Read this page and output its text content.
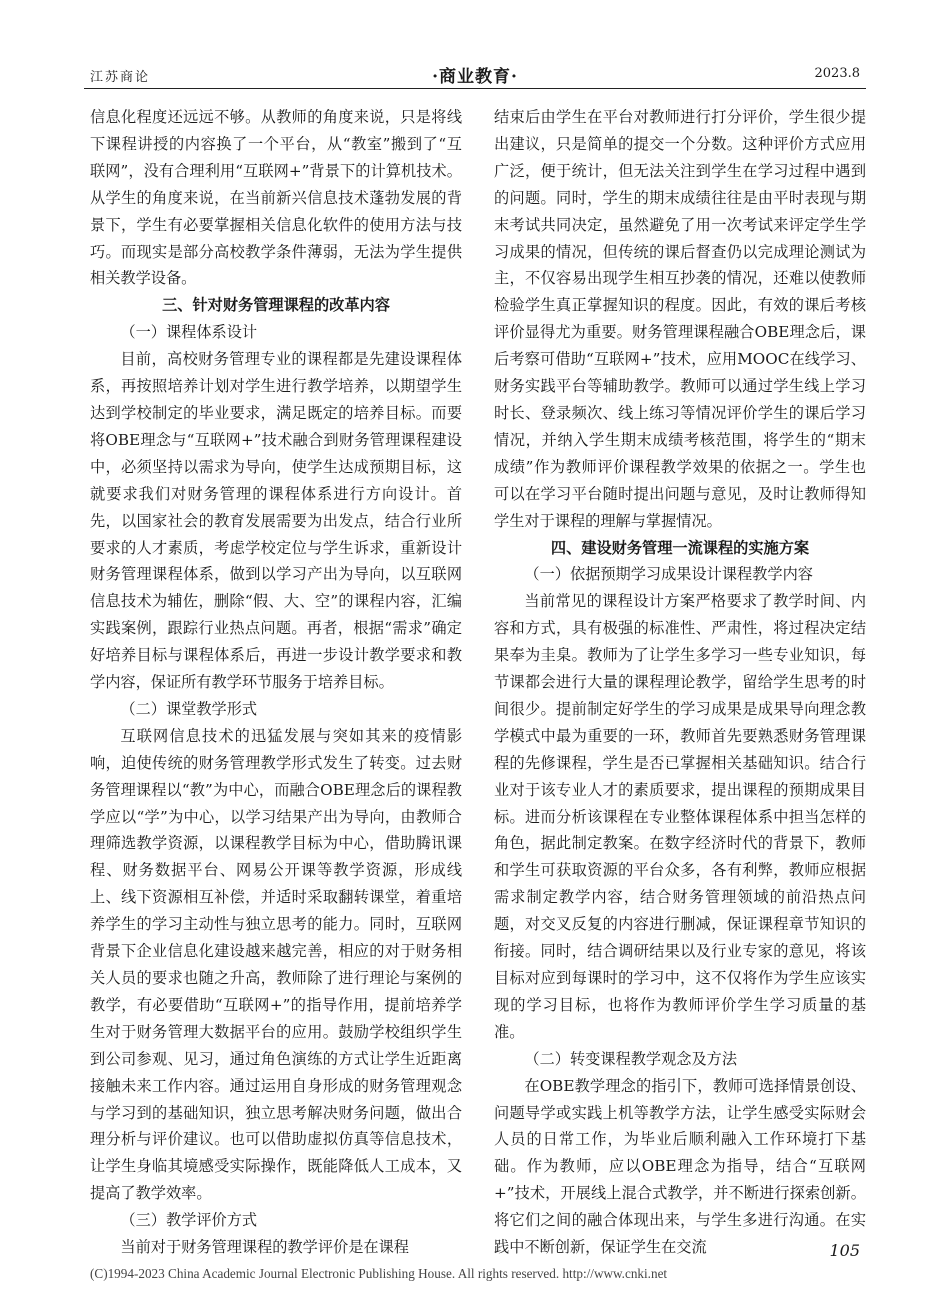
江苏商论	·商业教育·	2023.8

信息化程度还远远不够。从教师的角度来说，只是将线下课程讲授的内容换了一个平台，从“教室”搬到了“互联网”，没有合理利用“互联网+”背景下的计算机技术。从学生的角度来说，在当前新兴信息技术蓬勃发展的背景下，学生有必要掌握相关信息化软件的使用方法与技巧。而现实是部分高校教学条件薄弱，无法为学生提供相关教学设备。

三、针对财务管理课程的改革内容

（一）课程体系设计

目前，高校财务管理专业的课程都是先建设课程体系，再按照培养计划对学生进行教学培养，以期望学生达到学校制定的毕业要求，满足既定的培养目标。而要将OBE理念与“互联网+”技术融合到财务管理课程建设中，必须坚持以需求为导向，使学生达成预期目标，这就要求我们对财务管理的课程体系进行方向设计。首先，以国家社会的教育发展需要为出发点，结合行业所要求的人才素质，考虑学校定位与学生诉求，重新设计财务管理课程体系，做到以学习产出为导向，以互联网信息技术为辅佐，删除“假、大、空”的课程内容，汇编实践案例，跟踪行业热点问题。再者，根据“需求”确定好培养目标与课程体系后，再进一步设计教学要求和教学内容，保证所有教学环节服务于培养目标。

（二）课堂教学形式

互联网信息技术的迅猛发展与突如其来的疫情影响，迫使传统的财务管理教学形式发生了转变。过去财务管理课程以“教”为中心，而融合OBE理念后的课程教学应以“学”为中心，以学习结果产出为导向，由教师合理筛选教学资源，以课程教学目标为中心，借助腾讯课程、财务数据平台、网易公开课等教学资源，形成线上、线下资源相互补偿，并适时采取翻转课堂，着重培养学生的学习主动性与独立思考的能力。同时，互联网背景下企业信息化建设越来越完善，相应的对于财务相关人员的要求也随之升高，教师除了进行理论与案例的教学，有必要借助“互联网+”的指导作用，提前培养学生对于财务管理大数据平台的应用。鼓励学校组织学生到公司参观、见习，通过角色演练的方式让学生近距离接触未来工作内容。通过运用自身形成的财务管理观念与学习到的基础知识，独立思考解决财务问题，做出合理分析与评价建议。也可以借助虚拟仿真等信息技术，让学生身临其境感受实际操作，既能降低人工成本，又提高了教学效率。

（三）教学评价方式

当前对于财务管理课程的教学评价是在课程

结束后由学生在平台对教师进行打分评价，学生很少提出建议，只是简单的提交一个分数。这种评价方式应用广泛，便于统计，但无法关注到学生在学习过程中遇到的问题。同时，学生的期末成绩往往是由平时表现与期末考试共同决定，虽然避免了用一次考试来评定学生学习成果的情况，但传统的课后督查仍以完成理论测试为主，不仅容易出现学生相互抄袭的情况，还难以使教师检验学生真正掌握知识的程度。因此，有效的课后考核评价显得尤为重要。财务管理课程融合OBE理念后，课后考察可借助“互联网+”技术，应用MOOC在线学习、财务实践平台等辅助教学。教师可以通过学生线上学习时长、登录频次、线上练习等情况评价学生的课后学习情况，并纳入学生期末成绩考核范围，将学生的“期末成绩”作为教师评价课程教学效果的依据之一。学生也可以在学习平台随时提出问题与意见，及时让教师得知学生对于课程的理解与掌握情况。

四、建设财务管理一流课程的实施方案

（一）依据预期学习成果设计课程教学内容

当前常见的课程设计方案严格要求了教学时间、内容和方式，具有极强的标准性、严肃性，将过程决定结果奉为圭臬。教师为了让学生多学习一些专业知识，每节课都会进行大量的课程理论教学，留给学生思考的时间很少。提前制定好学生的学习成果是成果导向理念教学模式中最为重要的一环，教师首先要熟悉财务管理课程的先修课程，学生是否已掌握相关基础知识。结合行业对于该专业人才的素质要求，提出课程的预期成果目标。进而分析该课程在专业整体课程体系中担当怎样的角色，据此制定教案。在数字经济时代的背景下，教师和学生可获取资源的平台众多，各有利弊，教师应根据需求制定教学内容，结合财务管理领域的前沿热点问题，对交叉反复的内容进行删减，保证课程章节知识的衔接。同时，结合调研结果以及行业专家的意见，将该目标对应到每课时的学习中，这不仅将作为学生应该实现的学习目标，也将作为教师评价学生学习质量的基准。

（二）转变课程教学观念及方法

在OBE教学理念的指引下，教师可选择情景创设、问题导学或实践上机等教学方法，让学生感受实际财会人员的日常工作，为毕业后顺利融入工作环境打下基础。作为教师，应以OBE理念为指导，结合“互联网+”技术，开展线上混合式教学，并不断进行探索创新。将它们之间的融合体现出来，与学生多进行沟通。在实践中不断创新，保证学生在交流	105
(C)1994-2023 China Academic Journal Electronic Publishing House. All rights reserved. http://www.cnki.net
